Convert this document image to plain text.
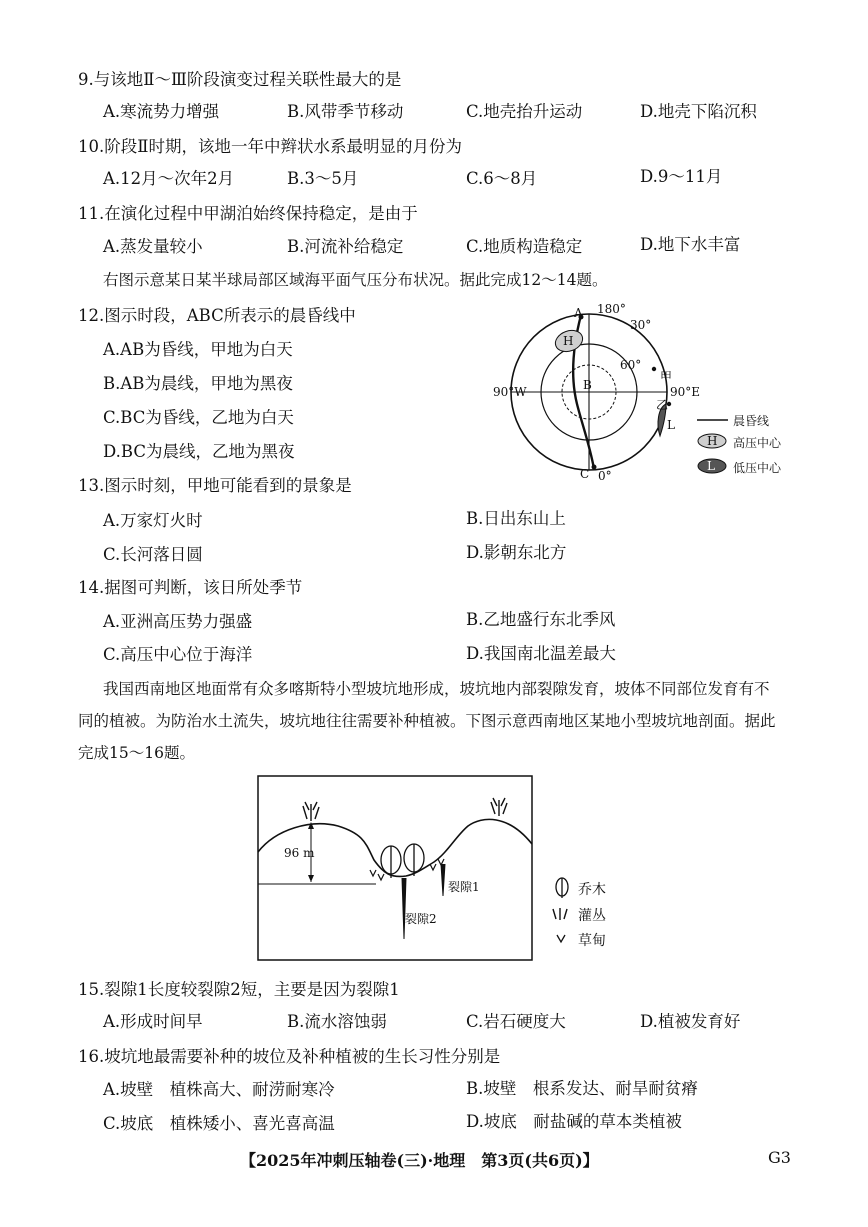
9.与该地Ⅱ～Ⅲ阶段演变过程关联性最大的是
A.寒流势力增强	B.风带季节移动	C.地壳抬升运动	D.地壳下陷沉积
10.阶段Ⅱ时期，该地一年中辫状水系最明显的月份为
A.12月～次年2月	B.3～5月	C.6～8月	D.9～11月
11.在演化过程中甲湖泊始终保持稳定，是由于
A.蒸发量较小	B.河流补给稳定	C.地质构造稳定	D.地下水丰富
右图示意某日某半球局部区域海平面气压分布状况。据此完成12～14题。
12.图示时段，ABC所表示的晨昏线中
A.AB为昏线，甲地为白天
B.AB为晨线，甲地为黑夜
C.BC为昏线，乙地为白天
D.BC为晨线，乙地为黑夜
180°
30°
60°
90°W	90°E
0°
A
B
C
H
甲
乙
L	晨昏线
H 高压中心
L 低压中心
13.图示时刻，甲地可能看到的景象是
A.万家灯火时	B.日出东山上
C.长河落日圆	D.影朝东北方
14.据图可判断，该日所处季节
A.亚洲高压势力强盛	B.乙地盛行东北季风
C.高压中心位于海洋	D.我国南北温差最大
我国西南地区地面常有众多喀斯特小型坡坑地形成，坡坑地内部裂隙发育，坡体不同部位发育有不同的植被。为防治水土流失，坡坑地往往需要补种植被。下图示意西南地区某地小型坡坑地剖面。据此完成15～16题。
96 m
裂隙1
裂隙2
乔木
灌丛
草甸
15.裂隙1长度较裂隙2短，主要是因为裂隙1
A.形成时间早	B.流水溶蚀弱	C.岩石硬度大	D.植被发育好
16.坡坑地最需要补种的坡位及补种植被的生长习性分别是
A.坡壁　植株高大、耐涝耐寒冷	B.坡壁　根系发达、耐旱耐贫瘠
C.坡底　植株矮小、喜光喜高温	D.坡底　耐盐碱的草本类植被
【2025年冲刺压轴卷(三)·地理　第3页(共6页)】	G3
